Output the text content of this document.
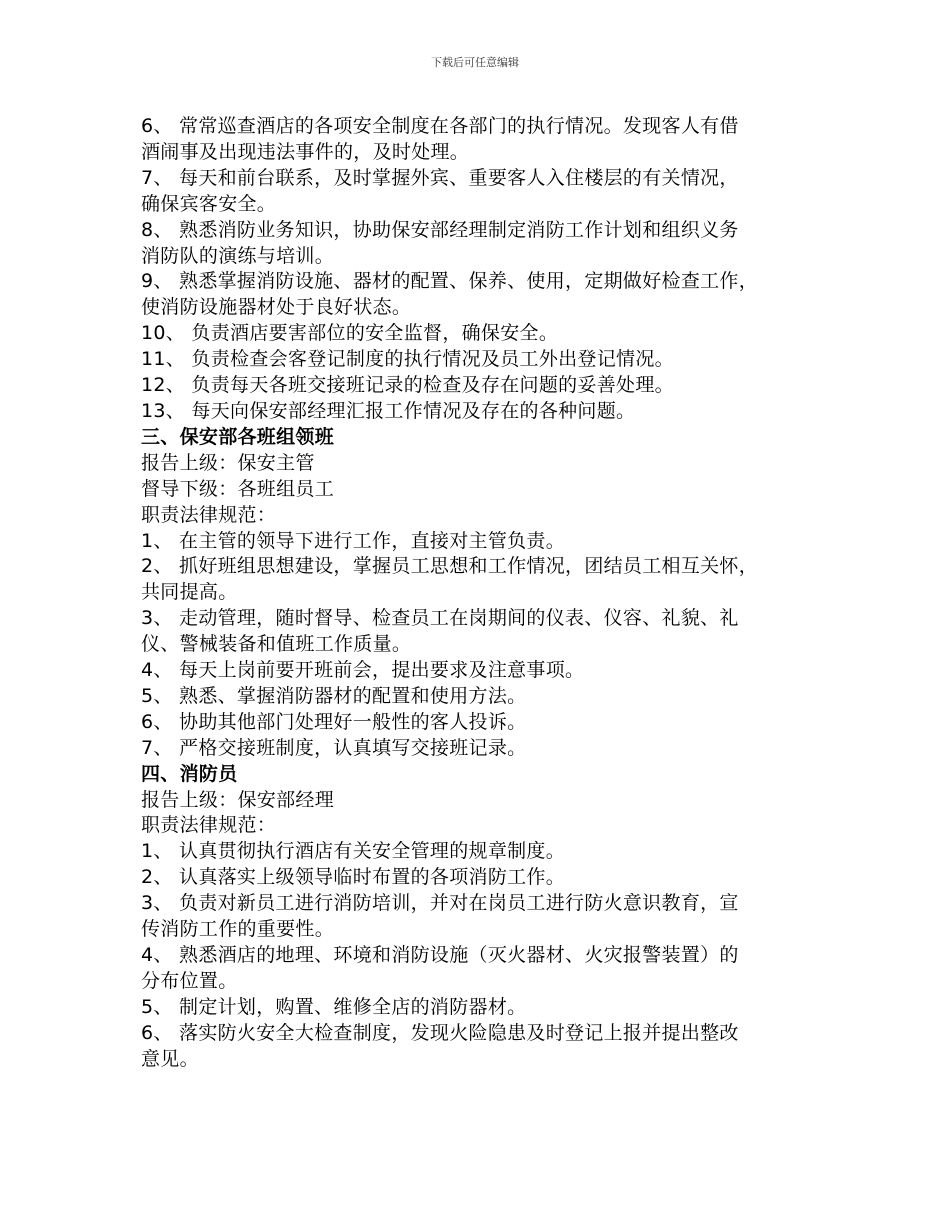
下载后可任意编辑
6、 常常巡查酒店的各项安全制度在各部门的执行情况。发现客人有借
酒闹事及出现违法事件的，及时处理。
7、 每天和前台联系，及时掌握外宾、重要客人入住楼层的有关情况，
确保宾客安全。
8、 熟悉消防业务知识，协助保安部经理制定消防工作计划和组织义务
消防队的演练与培训。
9、 熟悉掌握消防设施、器材的配置、保养、使用，定期做好检查工作，
使消防设施器材处于良好状态。
10、 负责酒店要害部位的安全监督，确保安全。
11、 负责检查会客登记制度的执行情况及员工外出登记情况。
12、 负责每天各班交接班记录的检查及存在问题的妥善处理。
13、 每天向保安部经理汇报工作情况及存在的各种问题。
三、保安部各班组领班
报告上级：保安主管
督导下级：各班组员工
职责法律规范：
1、 在主管的领导下进行工作，直接对主管负责。
2、 抓好班组思想建设，掌握员工思想和工作情况，团结员工相互关怀，
共同提高。
3、 走动管理，随时督导、检查员工在岗期间的仪表、仪容、礼貌、礼
仪、警械装备和值班工作质量。
4、 每天上岗前要开班前会，提出要求及注意事项。
5、 熟悉、掌握消防器材的配置和使用方法。
6、 协助其他部门处理好一般性的客人投诉。
7、 严格交接班制度，认真填写交接班记录。
四、消防员
报告上级：保安部经理
职责法律规范：
1、 认真贯彻执行酒店有关安全管理的规章制度。
2、 认真落实上级领导临时布置的各项消防工作。
3、 负责对新员工进行消防培训，并对在岗员工进行防火意识教育，宣
传消防工作的重要性。
4、 熟悉酒店的地理、环境和消防设施（灭火器材、火灾报警装置）的
分布位置。
5、 制定计划，购置、维修全店的消防器材。
6、 落实防火安全大检查制度，发现火险隐患及时登记上报并提出整改
意见。
